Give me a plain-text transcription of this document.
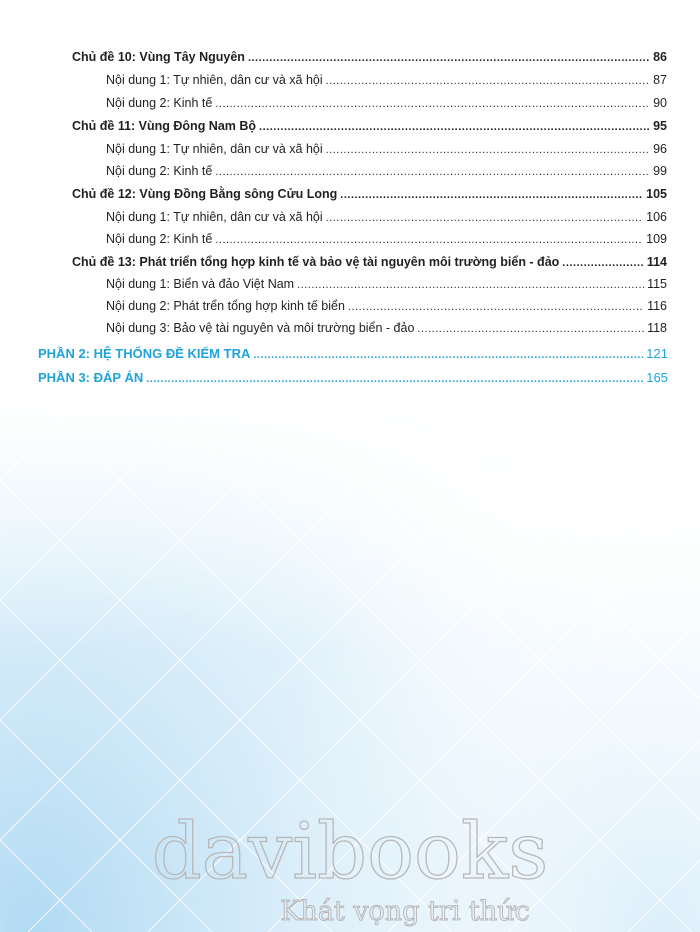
Chủ đề 10: Vùng Tây Nguyên .....	86
Nội dung 1: Tự nhiên, dân cư và xã hội .....	87
Nội dung 2: Kinh tế .....	90
Chủ đề 11: Vùng Đông Nam Bộ .....	95
Nội dung 1: Tự nhiên, dân cư và xã hội .....	96
Nội dung 2: Kinh tế .....	99
Chủ đề 12: Vùng Đồng Bằng sông Cửu Long .....	105
Nội dung 1: Tự nhiên, dân cư và xã hội .....	106
Nội dung 2: Kinh tế .....	109
Chủ đề 13: Phát triển tổng hợp kinh tế và bảo vệ tài nguyên môi trường biển - đảo .....	114
Nội dung 1: Biển và đảo Việt Nam .....	115
Nội dung 2: Phát trển tổng hợp kinh tế biển .....	116
Nội dung 3: Bảo vệ tài nguyên và môi trường biển - đảo .....	118
PHẦN 2: HỆ THỐNG ĐỀ KIỂM TRA .....	121
PHẦN 3: ĐÁP ÁN .....	165
davibooks
Khát vọng tri thức
